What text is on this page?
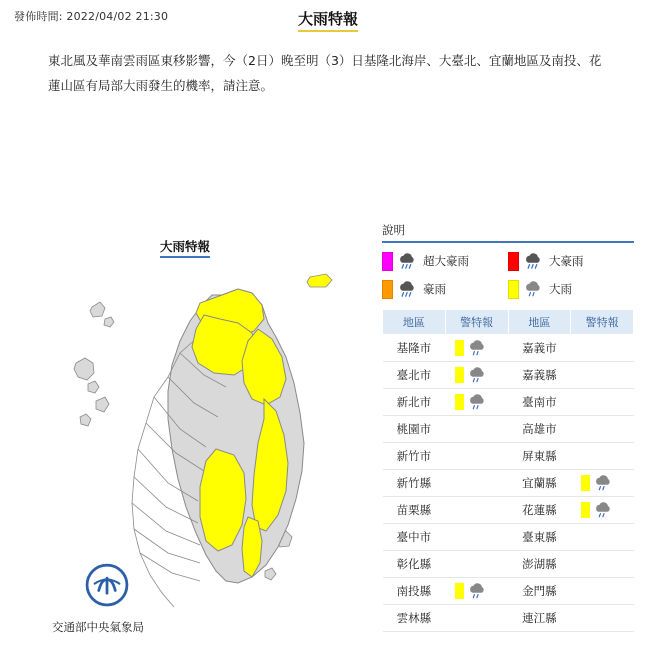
發佈時間: 2022/04/02 21:30	大雨特報
東北風及華南雲雨區東移影響，今（2日）晚至明（3）日基隆北海岸、大臺北、宜蘭地區及南投、花蓮山區有局部大雨發生的機率，請注意。
大雨特報
交通部中央氣象局
說明
超大豪雨	大豪雨
豪雨	大雨
地區	警特報	地區	警特報
基隆市		嘉義市	
臺北市		嘉義縣	
新北市		臺南市	
桃園市		高雄市	
新竹市		屏東縣	
新竹縣		宜蘭縣	

苗栗縣		花蓮縣	

臺中市		臺東縣	
彰化縣		澎湖縣	
南投縣		金門縣	
雲林縣		連江縣	
